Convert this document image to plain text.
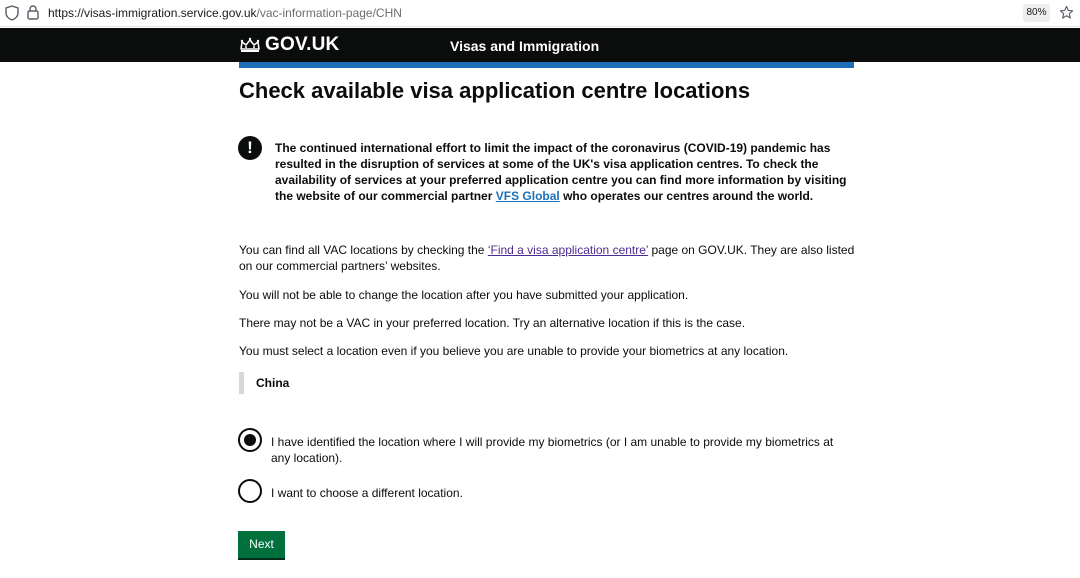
https://visas-immigration.service.gov.uk/vac-information-page/CHN	80%
GOV.UK	Visas and Immigration
Check available visa application centre locations
!	The continued international effort to limit the impact of the coronavirus (COVID-19) pandemic has resulted in the disruption of services at some of the UK's visa application centres. To check the availability of services at your preferred application centre you can find more information by visiting the website of our commercial partner VFS Global who operates our centres around the world.

You can find all VAC locations by checking the ‘Find a visa application centre’ page on GOV.UK. They are also listed on our commercial partners’ websites.

You will not be able to change the location after you have submitted your application.

There may not be a VAC in your preferred location. Try an alternative location if this is the case.

You must select a location even if you believe you are unable to provide your biometrics at any location.

China
I have identified the location where I will provide my biometrics (or I am unable to provide my biometrics at any location).
I want to choose a different location.
Next
